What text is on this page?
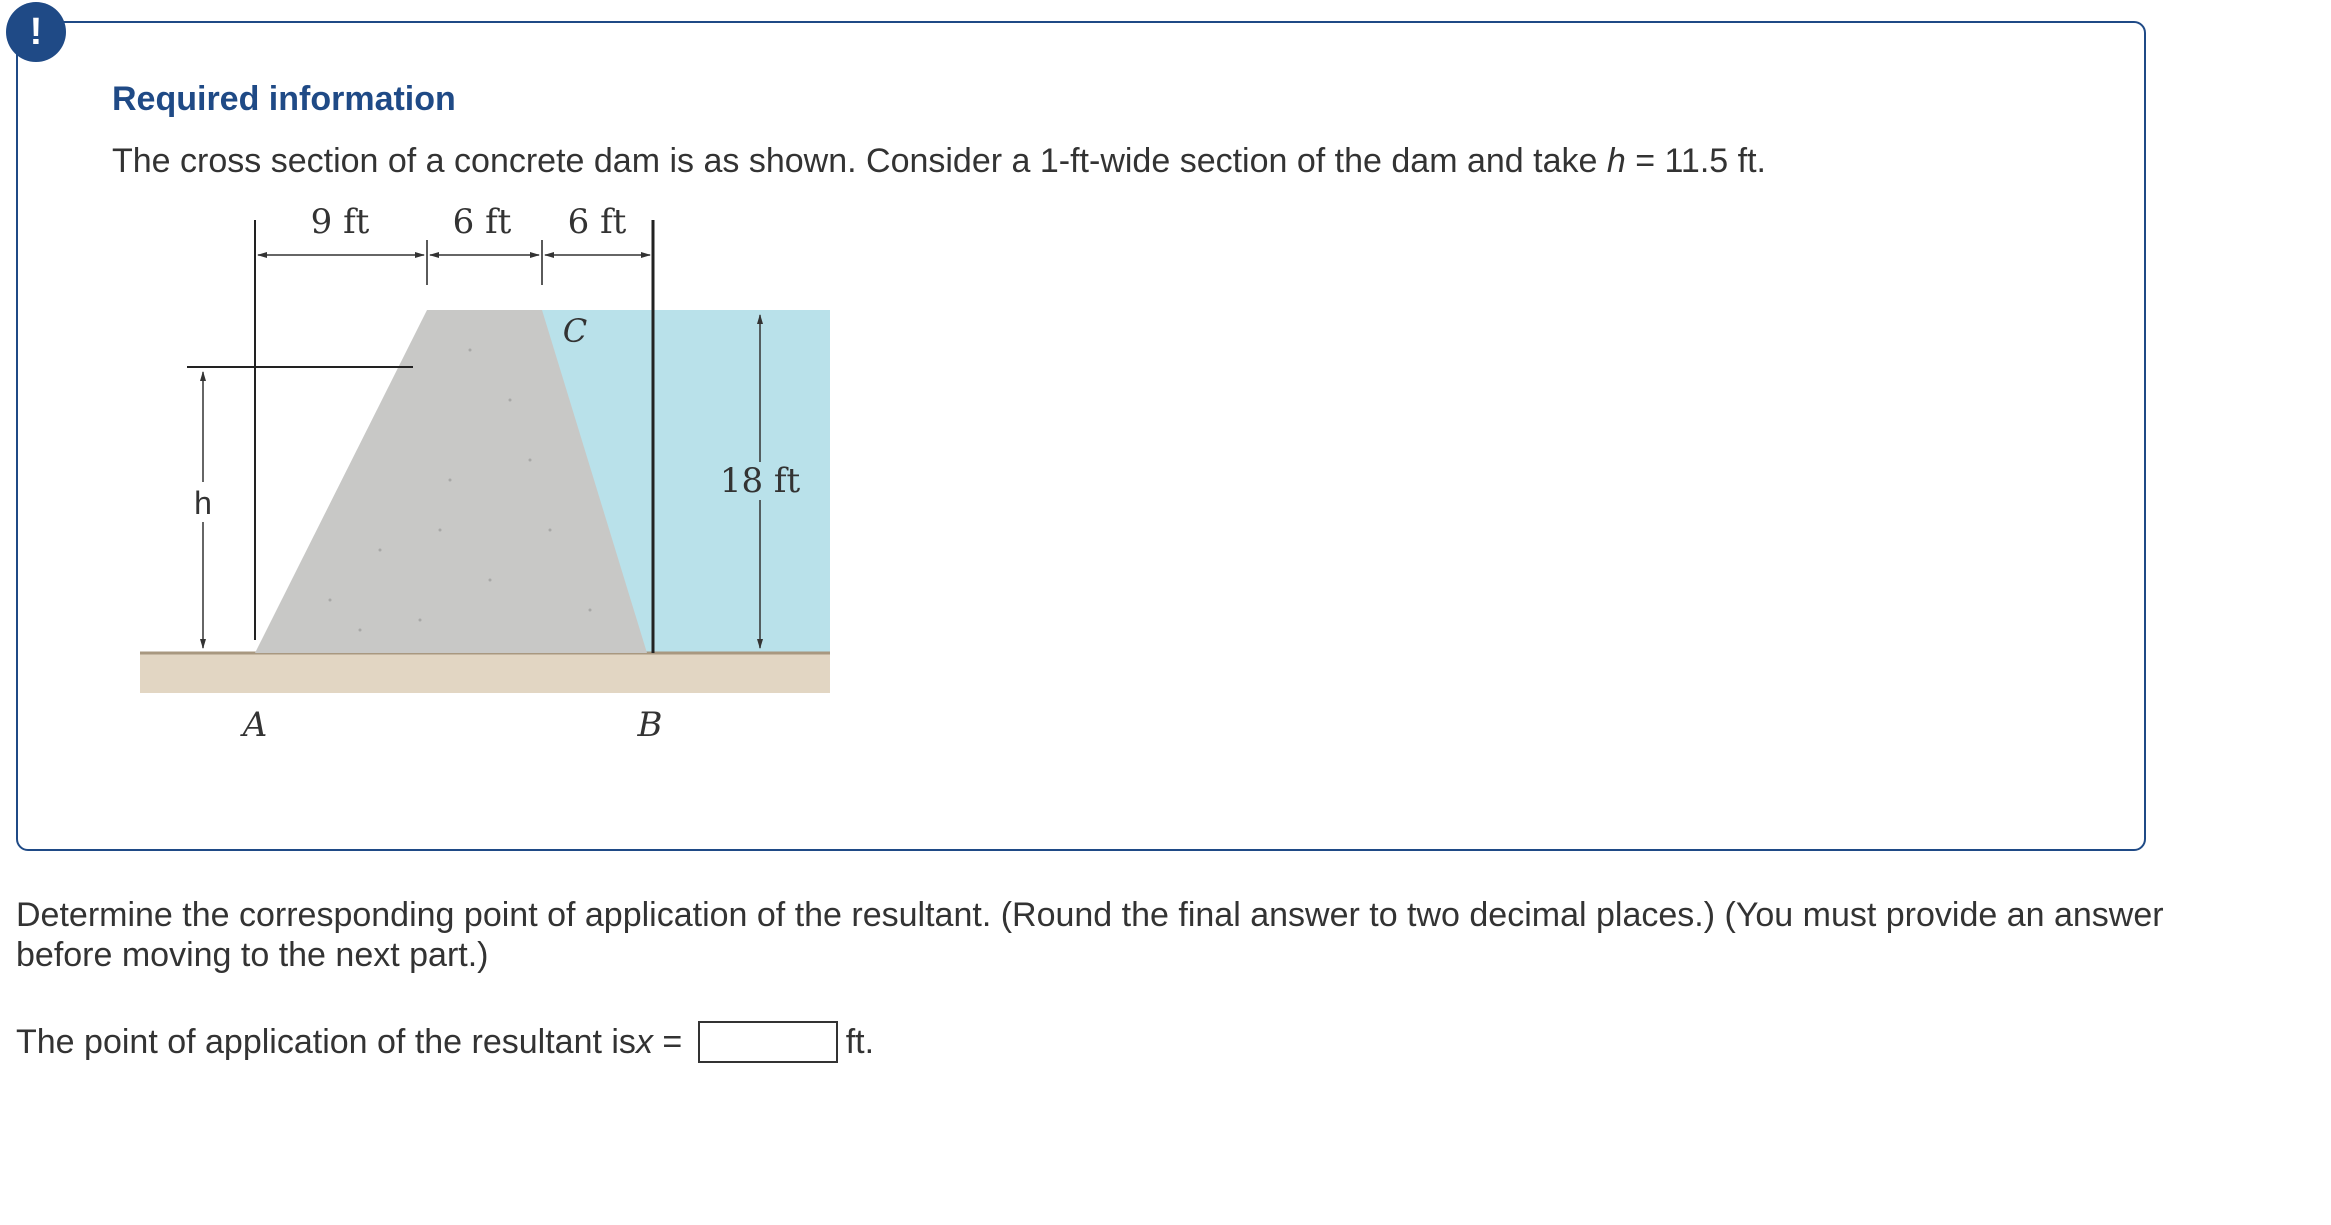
!
Required information

The cross section of a concrete dam is as shown. Consider a 1-ft-wide section of the dam and take h = 11.5 ft.

9 ft 6 ft 6 ft
C
18 ft
h
A	B

Determine the corresponding point of application of the resultant. (Round the final answer to two decimal places.) (You must provide an answer before moving to the next part.)

The point of application of the resultant is x =	ft.
